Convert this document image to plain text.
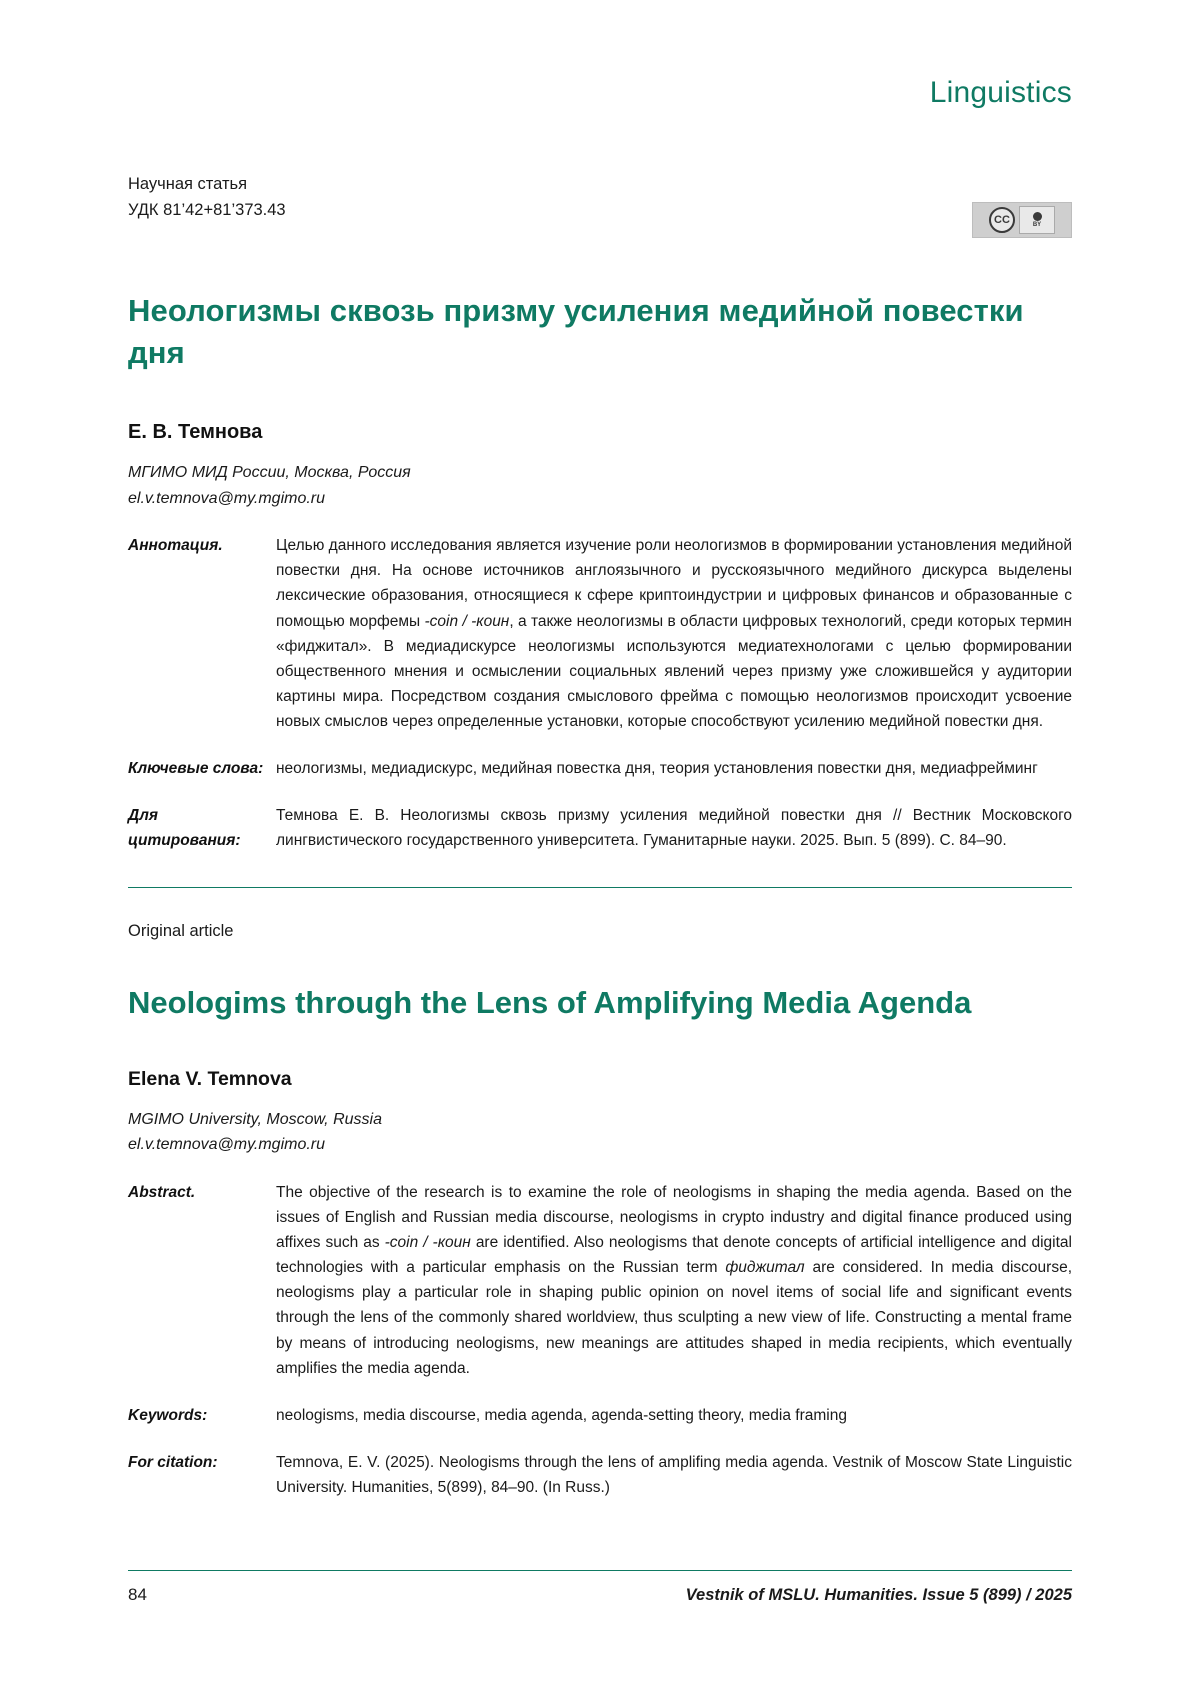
Linguistics
Научная статья
УДК 81’42+81’373.43
CC	BY
Неологизмы сквозь призму усиления медийной повестки дня
Е. В. Темнова
МГИМО МИД России, Москва, Россия
el.v.temnova@my.mgimo.ru
Аннотация.	Целью данного исследования является изучение роли неологизмов в формировании установления медийной повестки дня. На основе источников англоязычного и русскоязычного медийного дискурса выделены лексические образования, относящиеся к сфере криптоиндустрии и цифровых финансов и образованные с помощью морфемы -coin / -коин, а также неологизмы в области цифровых технологий, среди которых термин «фиджитал». В медиадискурсе неологизмы используются медиатехнологами с целью формировании общественного мнения и осмыслении социальных явлений через призму уже сложившейся у аудитории картины мира. Посредством создания смыслового фрейма с помощью неологизмов происходит усвоение новых смыслов через определенные установки, которые способствуют усилению медийной повестки дня.
Ключевые слова: неологизмы, медиадискурс, медийная повестка дня, теория установления повестки дня, медиафрейминг
Для цитирования:
Темнова Е. В. Неологизмы сквозь призму усиления медийной повестки дня // Вестник Московского лингвистического государственного университета. Гуманитарные науки. 2025. Вып. 5 (899). С. 84–90.
Original article
Neologims through the Lens of Amplifying Media Agenda
Elena V. Temnova
MGIMO University, Moscow, Russia
el.v.temnova@my.mgimo.ru
Abstract.	The objective of the research is to examine the role of neologisms in shaping the media agenda. Based on the issues of English and Russian media discourse, neologisms in crypto industry and digital finance produced using affixes such as -coin / -коин are identified. Also neologisms that denote concepts of artificial intelligence and digital technologies with a particular emphasis on the Russian term фиджитал are considered. In media discourse, neologisms play a particular role in shaping public opinion on novel items of social life and significant events through the lens of the commonly shared worldview, thus sculpting a new view of life. Constructing a mental frame by means of introducing neologisms, new meanings are attitudes shaped in media recipients, which eventually amplifies the media agenda.
Keywords:	neologisms, media discourse, media agenda, agenda-setting theory, media framing
For citation:	Temnova, E. V. (2025). Neologisms through the lens of amplifing media agenda. Vestnik of Moscow State Linguistic University. Humanities, 5(899), 84–90. (In Russ.)
84	Vestnik of MSLU. Humanities. Issue 5 (899) / 2025
